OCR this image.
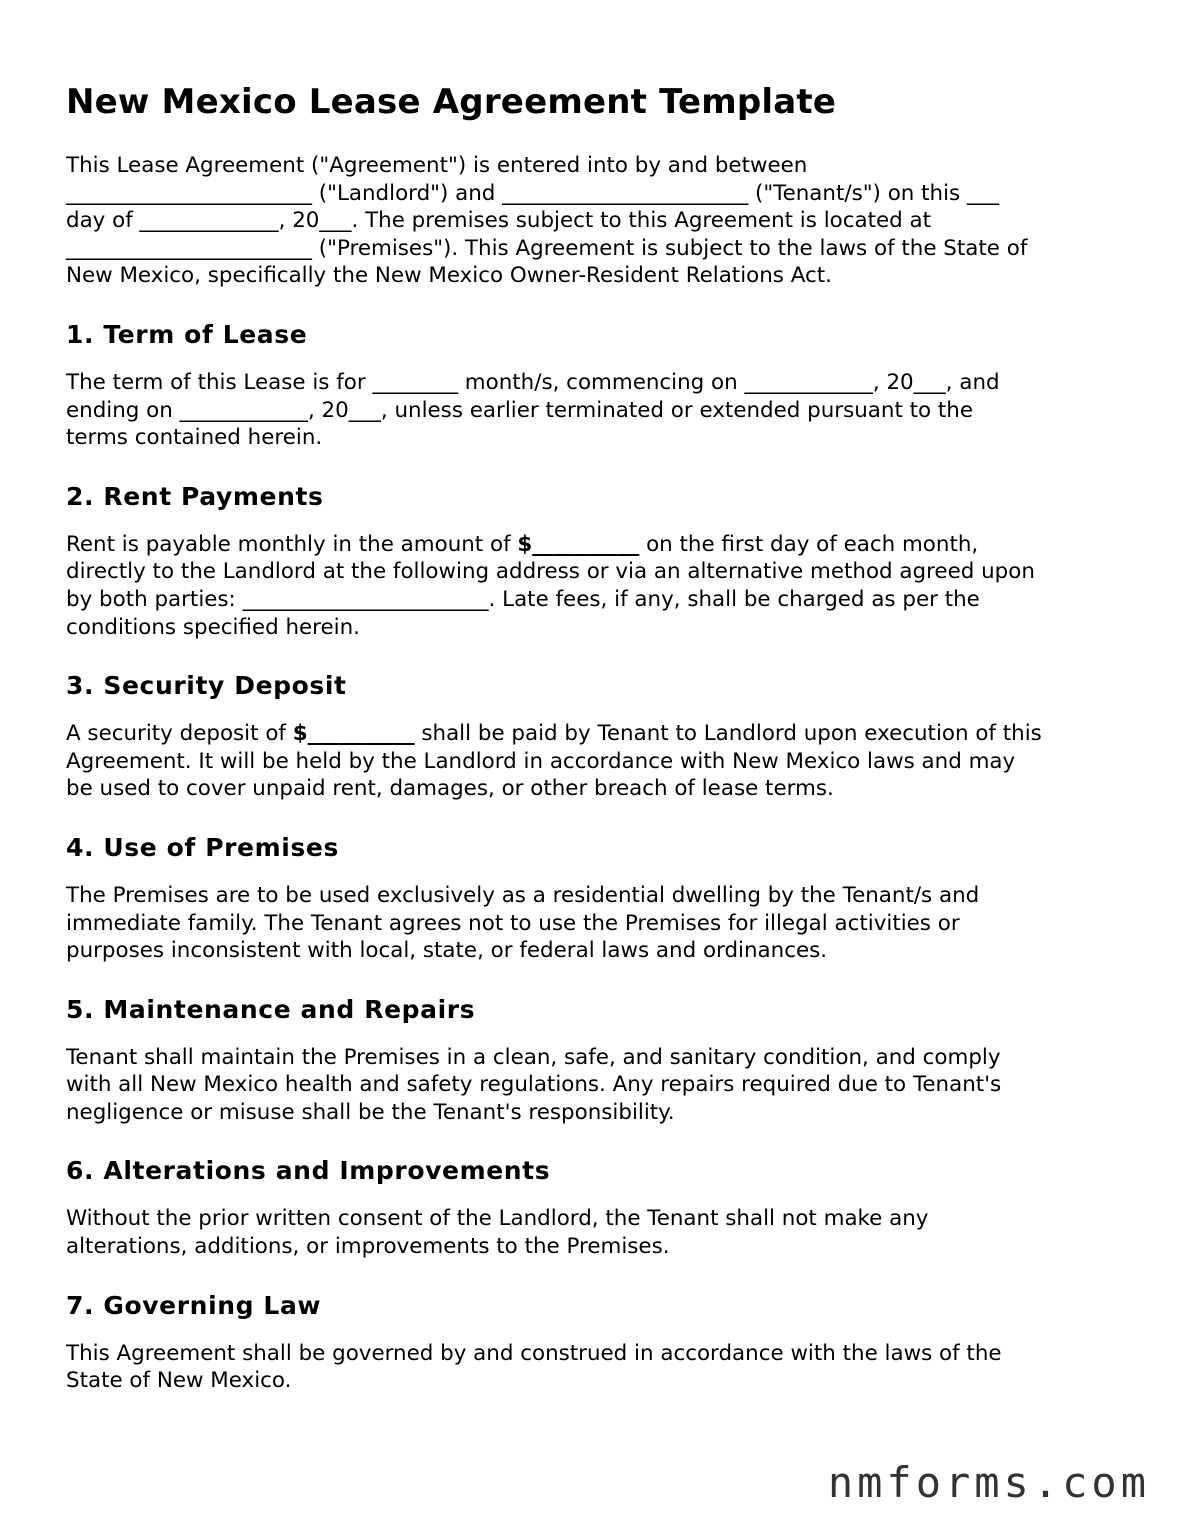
New Mexico Lease Agreement Template

This Lease Agreement ("Agreement") is entered into by and between
_______________________ ("Landlord") and _______________________ ("Tenant/s") on this ___
day of _____________, 20___. The premises subject to this Agreement is located at
_______________________ ("Premises"). This Agreement is subject to the laws of the State of
New Mexico, specifically the New Mexico Owner-Resident Relations Act.

1. Term of Lease

The term of this Lease is for ________ month/s, commencing on ____________, 20___, and
ending on ____________, 20___, unless earlier terminated or extended pursuant to the
terms contained herein.

2. Rent Payments

Rent is payable monthly in the amount of $__________ on the first day of each month,
directly to the Landlord at the following address or via an alternative method agreed upon
by both parties: _______________________. Late fees, if any, shall be charged as per the
conditions specified herein.

3. Security Deposit

A security deposit of $__________ shall be paid by Tenant to Landlord upon execution of this
Agreement. It will be held by the Landlord in accordance with New Mexico laws and may
be used to cover unpaid rent, damages, or other breach of lease terms.

4. Use of Premises

The Premises are to be used exclusively as a residential dwelling by the Tenant/s and
immediate family. The Tenant agrees not to use the Premises for illegal activities or
purposes inconsistent with local, state, or federal laws and ordinances.

5. Maintenance and Repairs

Tenant shall maintain the Premises in a clean, safe, and sanitary condition, and comply
with all New Mexico health and safety regulations. Any repairs required due to Tenant's
negligence or misuse shall be the Tenant's responsibility.

6. Alterations and Improvements

Without the prior written consent of the Landlord, the Tenant shall not make any
alterations, additions, or improvements to the Premises.

7. Governing Law

This Agreement shall be governed by and construed in accordance with the laws of the
State of New Mexico.

nmforms.com
